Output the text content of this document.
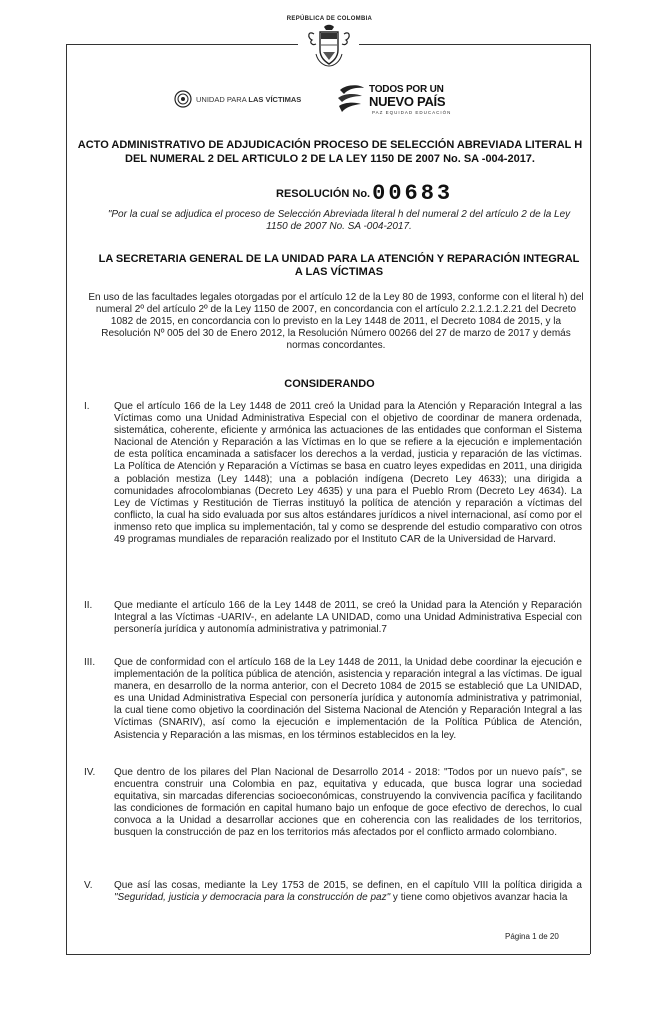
REPÚBLICA DE COLOMBIA
UNIDAD PARA LAS VÍCTIMAS
TODOS POR UN
NUEVO PAÍS
PAZ EQUIDAD EDUCACIÓN
ACTO ADMINISTRATIVO DE ADJUDICACIÓN PROCESO DE SELECCIÓN ABREVIADA LITERAL H DEL NUMERAL 2 DEL ARTICULO 2 DE LA LEY 1150 DE 2007 No. SA -004-2017.
RESOLUCIÓN No.00683
"Por la cual se adjudica el proceso de Selección Abreviada literal h del numeral 2 del artículo 2 de la Ley 1150 de 2007 No. SA -004-2017.
LA SECRETARIA GENERAL DE LA UNIDAD PARA LA ATENCIÓN Y REPARACIÓN INTEGRAL A LAS VÍCTIMAS
En uso de las facultades legales otorgadas por el artículo 12 de la Ley 80 de 1993, conforme con el literal h) del numeral 2º del artículo 2º de la Ley 1150 de 2007, en concordancia con el artículo 2.2.1.2.1.2.21 del Decreto 1082 de 2015, en concordancia con lo previsto en la Ley 1448 de 2011, el Decreto 1084 de 2015, y la Resolución Nº 005 del 30 de Enero 2012, la Resolución Número 00266 del 27 de marzo de 2017 y demás normas concordantes.
CONSIDERANDO
I. Que el artículo 166 de la Ley 1448 de 2011 creó la Unidad para la Atención y Reparación Integral a las Víctimas como una Unidad Administrativa Especial con el objetivo de coordinar de manera ordenada, sistemática, coherente, eficiente y armónica las actuaciones de las entidades que conforman el Sistema Nacional de Atención y Reparación a las Víctimas en lo que se refiere a la ejecución e implementación de esta política encaminada a satisfacer los derechos a la verdad, justicia y reparación de las víctimas. La Política de Atención y Reparación a Víctimas se basa en cuatro leyes expedidas en 2011, una dirigida a población mestiza (Ley 1448); una a población indígena (Decreto Ley 4633); una dirigida a comunidades afrocolombianas (Decreto Ley 4635) y una para el Pueblo Rrom (Decreto Ley 4634). La Ley de Víctimas y Restitución de Tierras instituyó la política de atención y reparación a víctimas del conflicto, la cual ha sido evaluada por sus altos estándares jurídicos a nivel internacional, así como por el inmenso reto que implica su implementación, tal y como se desprende del estudio comparativo con otros 49 programas mundiales de reparación realizado por el Instituto CAR de la Universidad de Harvard.
II. Que mediante el artículo 166 de la Ley 1448 de 2011, se creó la Unidad para la Atención y Reparación Integral a las Víctimas -UARIV-, en adelante LA UNIDAD, como una Unidad Administrativa Especial con personería jurídica y autonomía administrativa y patrimonial.7
III. Que de conformidad con el artículo 168 de la Ley 1448 de 2011, la Unidad debe coordinar la ejecución e implementación de la política pública de atención, asistencia y reparación integral a las víctimas. De igual manera, en desarrollo de la norma anterior, con el Decreto 1084 de 2015 se estableció que La UNIDAD, es una Unidad Administrativa Especial con personería jurídica y autonomía administrativa y patrimonial, la cual tiene como objetivo la coordinación del Sistema Nacional de Atención y Reparación Integral a las Víctimas (SNARIV), así como la ejecución e implementación de la Política Pública de Atención, Asistencia y Reparación a las mismas, en los términos establecidos en la ley.
IV. Que dentro de los pilares del Plan Nacional de Desarrollo 2014 - 2018: "Todos por un nuevo país", se encuentra construir una Colombia en paz, equitativa y educada, que busca lograr una sociedad equitativa, sin marcadas diferencias socioeconómicas, construyendo la convivencia pacífica y facilitando las condiciones de formación en capital humano bajo un enfoque de goce efectivo de derechos, lo cual convoca a la Unidad a desarrollar acciones que en coherencia con las realidades de los territorios, busquen la construcción de paz en los territorios más afectados por el conflicto armado colombiano.
V. Que así las cosas, mediante la Ley 1753 de 2015, se definen, en el capítulo VIII la política dirigida a "Seguridad, justicia y democracia para la construcción de paz" y tiene como objetivos avanzar hacia la
Página 1 de 20
